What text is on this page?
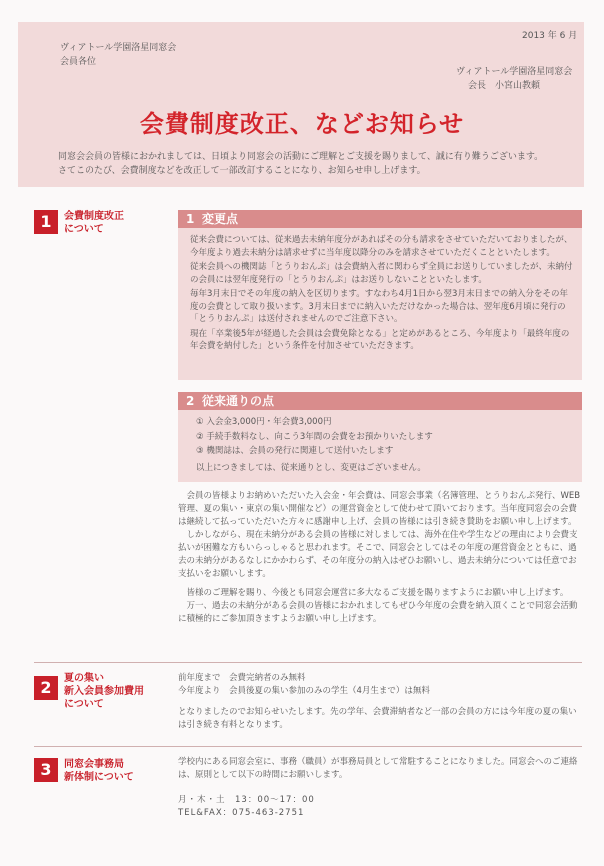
2013 年 6 月
ヴィアトール学園洛星同窓会
会員各位
ヴィアトール学園洛星同窓会
会長　小宮山教頼
会費制度改正、などお知らせ
同窓会会員の皆様におかれましては、日頃より同窓会の活動にご理解とご支援を賜りまして、誠に有り難うございます。
さてこのたび、会費制度などを改正して一部改訂することになり、お知らせ申し上げます。
1	会費制度改正
について
1 変更点
従来会費については、従来過去未納年度分があればその分も請求をさせていただいておりましたが、今年度より過去未納分は請求せずに当年度以降分のみを請求させていただくことといたします。
従来会員への機関誌「とうりおんぷ」は会費納入者に関わらず全員にお送りしていましたが、未納付の会員には翌年度発行の「とうりおんぷ」はお送りしないことといたします。
毎年3月末日でその年度の納入を区切ります。すなわち4月1日から翌3月末日までの納入分をその年度の会費として取り扱います。3月末日までに納入いただけなかった場合は、翌年度6月頃に発行の「とうりおんぷ」は送付されませんのでご注意下さい。
現在「卒業後5年が経過した会員は会費免除となる」と定めがあるところ、今年度より「最終年度の年会費を納付した」という条件を付加させていただきます。
2 従来通りの点
① 入会金3,000円・年会費3,000円
② 手続手数料なし、向こう3年間の会費をお預かりいたします
③ 機関誌は、会員の発行に関連して送付いたします
以上につきましては、従来通りとし、変更はございません。
会員の皆様よりお納めいただいた入会金・年会費は、同窓会事業（名簿管理、とうりおんぷ発行、WEB管理、夏の集い・東京の集い開催など）の運営資金として使わせて頂いております。当年度同窓会の会費は継続して払っていただいた方々に感謝申し上げ、会員の皆様には引き続き賛助をお願い申し上げます。
しかしながら、現在未納分がある会員の皆様に対しましては、海外在住や学生などの理由により会費支払いが困難な方もいらっしゃると思われます。そこで、同窓会としてはその年度の運営資金とともに、過去の未納分があるなしにかかわらず、その年度分の納入はぜひお願いし、過去未納分については任意でお支払いをお願いします。
皆様のご理解を賜り、今後とも同窓会運営に多大なるご支援を賜りますようにお願い申し上げます。
万一、過去の未納分がある会員の皆様におかれましてもぜひ今年度の会費を納入頂くことで同窓会活動に積極的にご参加頂きますようお願い申し上げます。
2	夏の集い
新入会員参加費用
について
前年度まで　会費完納者のみ無料
今年度より　会員後夏の集い参加のみの学生（4月生まで）は無料
となりましたのでお知らせいたします。先の学年、会費滞納者など一部の会員の方には今年度の夏の集いは引き続き有料となります。
3	同窓会事務局
新体制について
学校内にある同窓会室に、事務（職員）が事務局員として常駐することになりました。同窓会へのご連絡は、原則として以下の時間にお願いします。
月・木・土　13：00～17：00
TEL&FAX：075-463-2751
